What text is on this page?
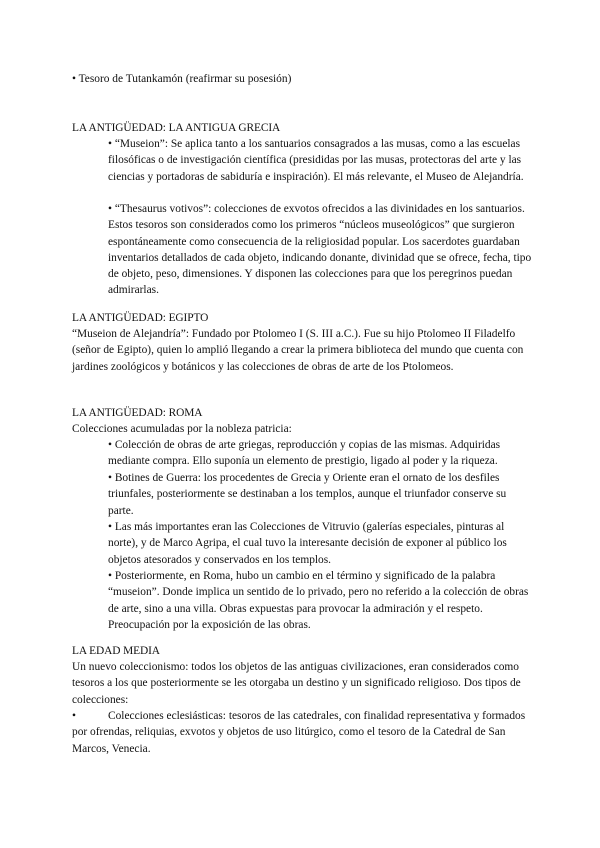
• Tesoro de Tutankamón (reafirmar su posesión)

LA ANTIGÜEDAD: LA ANTIGUA GRECIA

• “Museion”: Se aplica tanto a los santuarios consagrados a las musas, como a las escuelas filosóficas o de investigación científica (presididas por las musas, protectoras del arte y las ciencias y portadoras de sabiduría e inspiración). El más relevante, el Museo de Alejandría.

• “Thesaurus votivos”: colecciones de exvotos ofrecidos a las divinidades en los santuarios. Estos tesoros son considerados como los primeros “núcleos museológicos” que surgieron espontáneamente como consecuencia de la religiosidad popular. Los sacerdotes guardaban inventarios detallados de cada objeto, indicando donante, divinidad que se ofrece, fecha, tipo de objeto, peso, dimensiones. Y disponen las colecciones para que los peregrinos puedan admirarlas.

LA ANTIGÜEDAD: EGIPTO

“Museion de Alejandría”: Fundado por Ptolomeo I (S. III a.C.). Fue su hijo Ptolomeo II Filadelfo (señor de Egipto), quien lo amplió llegando a crear la primera biblioteca del mundo que cuenta con jardines zoológicos y botánicos y las colecciones de obras de arte de los Ptolomeos.

LA ANTIGÜEDAD: ROMA

Colecciones acumuladas por la nobleza patricia:

• Colección de obras de arte griegas, reproducción y copias de las mismas. Adquiridas mediante compra. Ello suponía un elemento de prestigio, ligado al poder y la riqueza.

• Botines de Guerra: los procedentes de Grecia y Oriente eran el ornato de los desfiles triunfales, posteriormente se destinaban a los templos, aunque el triunfador conserve su parte.

• Las más importantes eran las Colecciones de Vitruvio (galerías especiales, pinturas al norte), y de Marco Agripa, el cual tuvo la interesante decisión de exponer al público los objetos atesorados y conservados en los templos.

• Posteriormente, en Roma, hubo un cambio en el término y significado de la palabra “museion”. Donde implica un sentido de lo privado, pero no referido a la colección de obras de arte, sino a una villa. Obras expuestas para provocar la admiración y el respeto. Preocupación por la exposición de las obras.

LA EDAD MEDIA

Un nuevo coleccionismo: todos los objetos de las antiguas civilizaciones, eran considerados como tesoros a los que posteriormente se les otorgaba un destino y un significado religioso. Dos tipos de colecciones:

•	Colecciones eclesiásticas: tesoros de las catedrales, con finalidad representativa y formados por ofrendas, reliquias, exvotos y objetos de uso litúrgico, como el tesoro de la Catedral de San Marcos, Venecia.
